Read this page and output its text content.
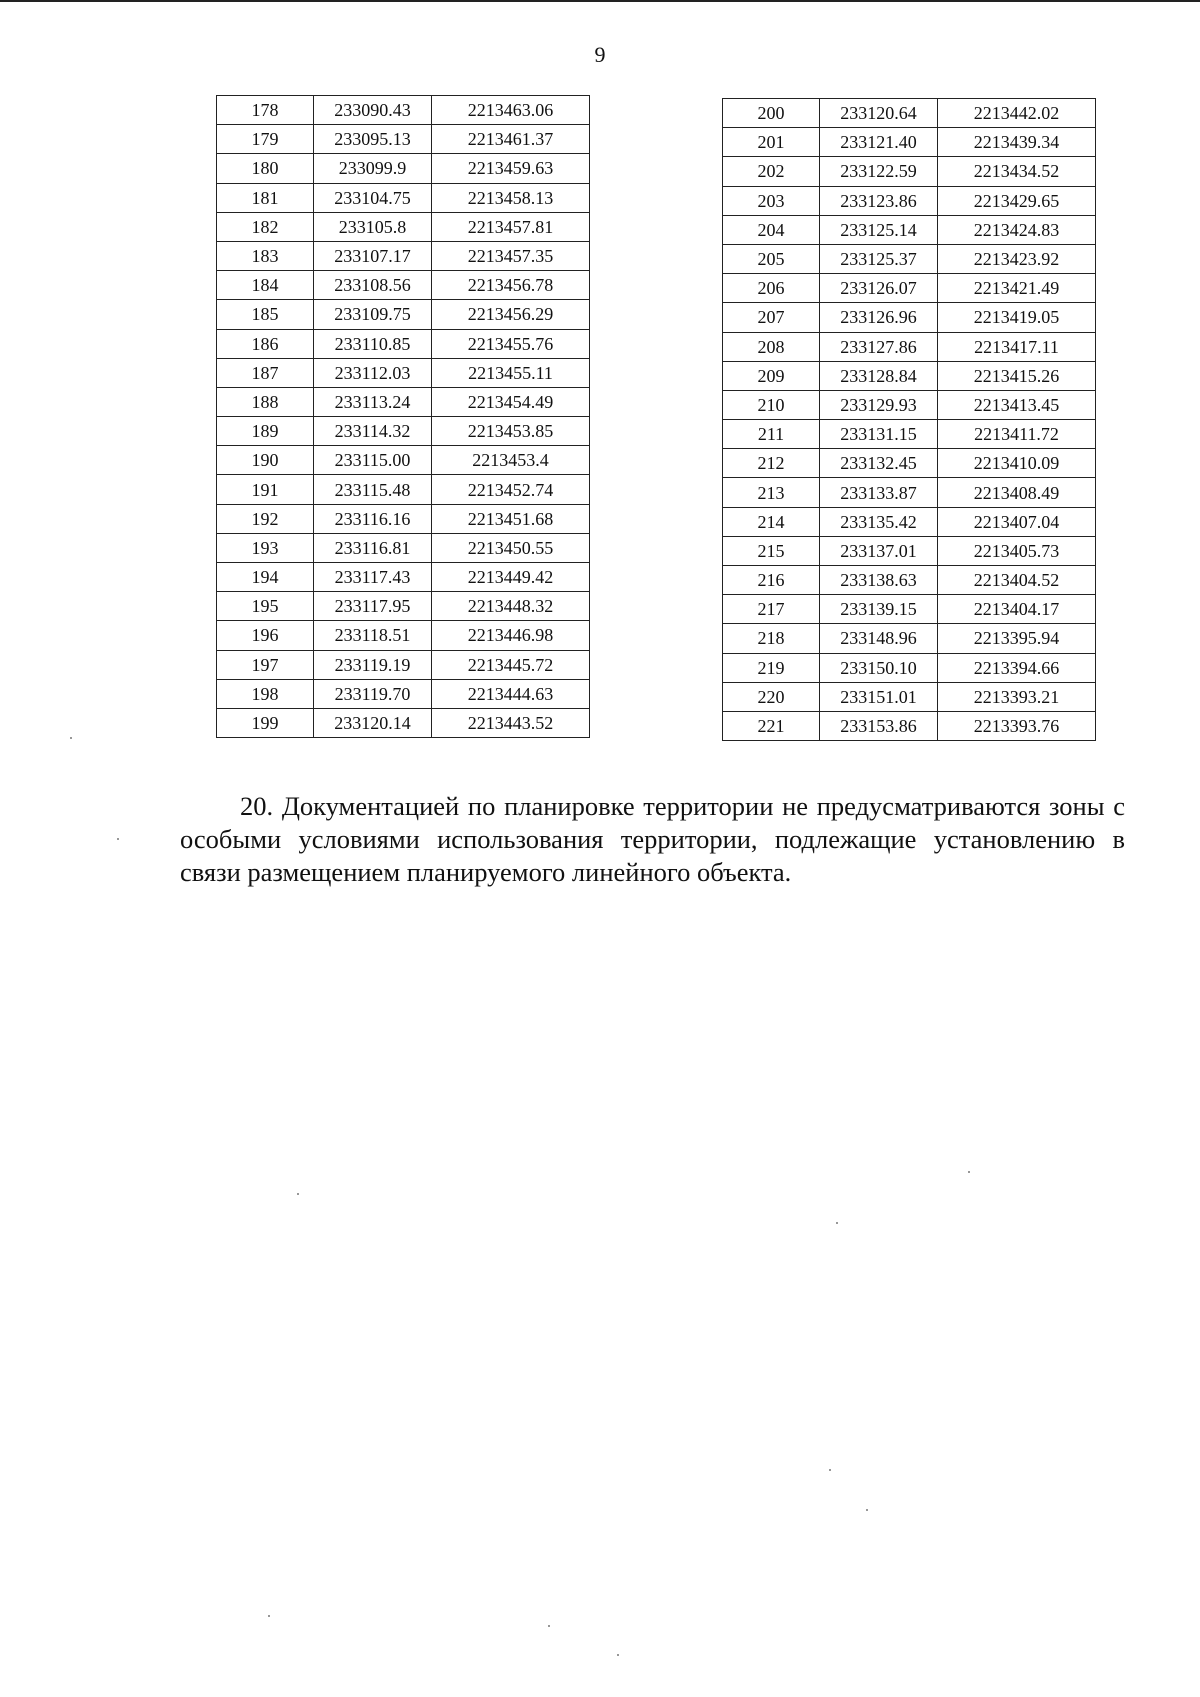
9
178	233090.43	2213463.06
179	233095.13	2213461.37
180	233099.9	2213459.63
181	233104.75	2213458.13
182	233105.8	2213457.81
183	233107.17	2213457.35
184	233108.56	2213456.78
185	233109.75	2213456.29
186	233110.85	2213455.76
187	233112.03	2213455.11
188	233113.24	2213454.49
189	233114.32	2213453.85
190	233115.00	2213453.4
191	233115.48	2213452.74
192	233116.16	2213451.68
193	233116.81	2213450.55
194	233117.43	2213449.42
195	233117.95	2213448.32
196	233118.51	2213446.98
197	233119.19	2213445.72
198	233119.70	2213444.63
199	233120.14	2213443.52
200	233120.64	2213442.02
201	233121.40	2213439.34
202	233122.59	2213434.52
203	233123.86	2213429.65
204	233125.14	2213424.83
205	233125.37	2213423.92
206	233126.07	2213421.49
207	233126.96	2213419.05
208	233127.86	2213417.11
209	233128.84	2213415.26
210	233129.93	2213413.45
211	233131.15	2213411.72
212	233132.45	2213410.09
213	233133.87	2213408.49
214	233135.42	2213407.04
215	233137.01	2213405.73
216	233138.63	2213404.52
217	233139.15	2213404.17
218	233148.96	2213395.94
219	233150.10	2213394.66
220	233151.01	2213393.21
221	233153.86	2213393.76
20. Документацией по планировке территории не предусматриваются зоны с особыми условиями использования территории, подлежащие установлению в связи размещением планируемого линейного объекта.
